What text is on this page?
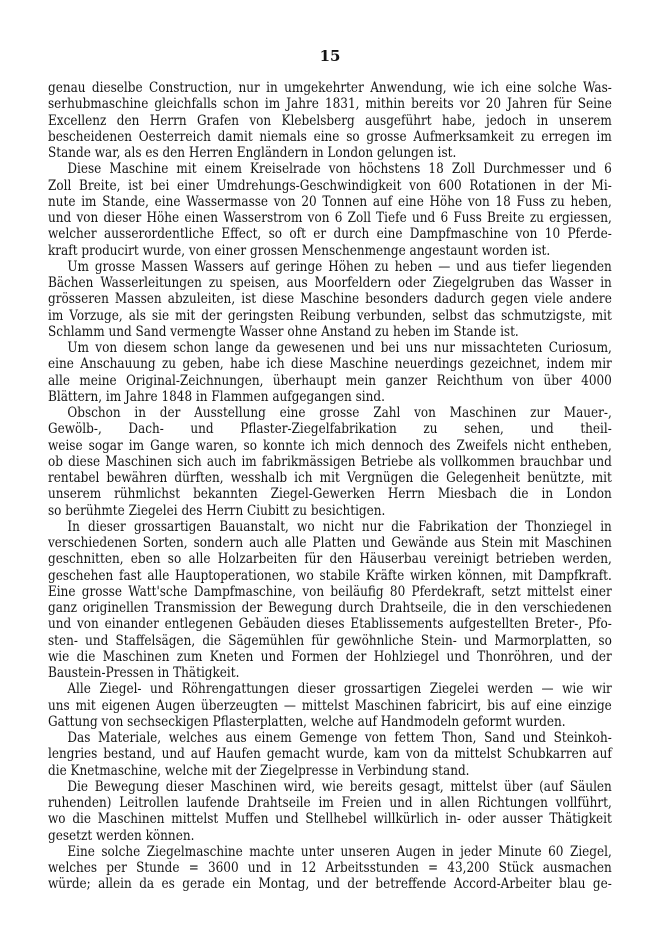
15
genau dieselbe Construction, nur in umgekehrter Anwendung, wie ich eine solche Was-
serhubmaschine gleichfalls schon im Jahre 1831, mithin bereits vor 20 Jahren für Seine
Excellenz den Herrn Grafen von Klebelsberg ausgeführt habe, jedoch in unserem
bescheidenen Oesterreich damit niemals eine so grosse Aufmerksamkeit zu erregen im
Stande war, als es den Herren Engländern in London gelungen ist.
Diese Maschine mit einem Kreiselrade von höchstens 18 Zoll Durchmesser und 6
Zoll Breite, ist bei einer Umdrehungs-Geschwindigkeit von 600 Rotationen in der Mi-
nute im Stande, eine Wassermasse von 20 Tonnen auf eine Höhe von 18 Fuss zu heben,
und von dieser Höhe einen Wasserstrom von 6 Zoll Tiefe und 6 Fuss Breite zu ergiessen,
welcher ausserordentliche Effect, so oft er durch eine Dampfmaschine von 10 Pferde-
kraft producirt wurde, von einer grossen Menschenmenge angestaunt worden ist.
Um grosse Massen Wassers auf geringe Höhen zu heben — und aus tiefer liegenden
Bächen Wasserleitungen zu speisen, aus Moorfeldern oder Ziegelgruben das Wasser in
grösseren Massen abzuleiten, ist diese Maschine besonders dadurch gegen viele andere
im Vorzuge, als sie mit der geringsten Reibung verbunden, selbst das schmutzigste, mit
Schlamm und Sand vermengte Wasser ohne Anstand zu heben im Stande ist.
Um von diesem schon lange da gewesenen und bei uns nur missachteten Curiosum,
eine Anschauung zu geben, habe ich diese Maschine neuerdings gezeichnet, indem mir
alle meine Original-Zeichnungen, überhaupt mein ganzer Reichthum von über 4000
Blättern, im Jahre 1848 in Flammen aufgegangen sind.
Obschon in der Ausstellung eine grosse Zahl von Maschinen zur Mauer-,
Gewölb-, Dach- und Pflaster-Ziegelfabrikation zu sehen, und theil-
weise sogar im Gange waren, so konnte ich mich dennoch des Zweifels nicht entheben,
ob diese Maschinen sich auch im fabrikmässigen Betriebe als vollkommen brauchbar und
rentabel bewähren dürften, wesshalb ich mit Vergnügen die Gelegenheit benützte, mit
unserem rühmlichst bekannten Ziegel-Gewerken Herrn Miesbach die in London
so berühmte Ziegelei des Herrn Ciubitt zu besichtigen.
In dieser grossartigen Bauanstalt, wo nicht nur die Fabrikation der Thonziegel in
verschiedenen Sorten, sondern auch alle Platten und Gewände aus Stein mit Maschinen
geschnitten, eben so alle Holzarbeiten für den Häuserbau vereinigt betrieben werden,
geschehen fast alle Hauptoperationen, wo stabile Kräfte wirken können, mit Dampfkraft.
Eine grosse Watt'sche Dampfmaschine, von beiläufig 80 Pferdekraft, setzt mittelst einer
ganz originellen Transmission der Bewegung durch Drahtseile, die in den verschiedenen
und von einander entlegenen Gebäuden dieses Etablissements aufgestellten Breter-, Pfo-
sten- und Staffelsägen, die Sägemühlen für gewöhnliche Stein- und Marmorplatten, so
wie die Maschinen zum Kneten und Formen der Hohlziegel und Thonröhren, und der
Baustein-Pressen in Thätigkeit.
Alle Ziegel- und Röhrengattungen dieser grossartigen Ziegelei werden — wie wir
uns mit eigenen Augen überzeugten — mittelst Maschinen fabricirt, bis auf eine einzige
Gattung von sechseckigen Pflasterplatten, welche auf Handmodeln geformt wurden.
Das Materiale, welches aus einem Gemenge von fettem Thon, Sand und Steinkoh-
lengries bestand, und auf Haufen gemacht wurde, kam von da mittelst Schubkarren auf
die Knetmaschine, welche mit der Ziegelpresse in Verbindung stand.
Die Bewegung dieser Maschinen wird, wie bereits gesagt, mittelst über (auf Säulen
ruhenden) Leitrollen laufende Drahtseile im Freien und in allen Richtungen vollführt,
wo die Maschinen mittelst Muffen und Stellhebel willkürlich in- oder ausser Thätigkeit
gesetzt werden können.
Eine solche Ziegelmaschine machte unter unseren Augen in jeder Minute 60 Ziegel,
welches per Stunde = 3600 und in 12 Arbeitsstunden = 43,200 Stück ausmachen
würde; allein da es gerade ein Montag, und der betreffende Accord-Arbeiter blau ge-
